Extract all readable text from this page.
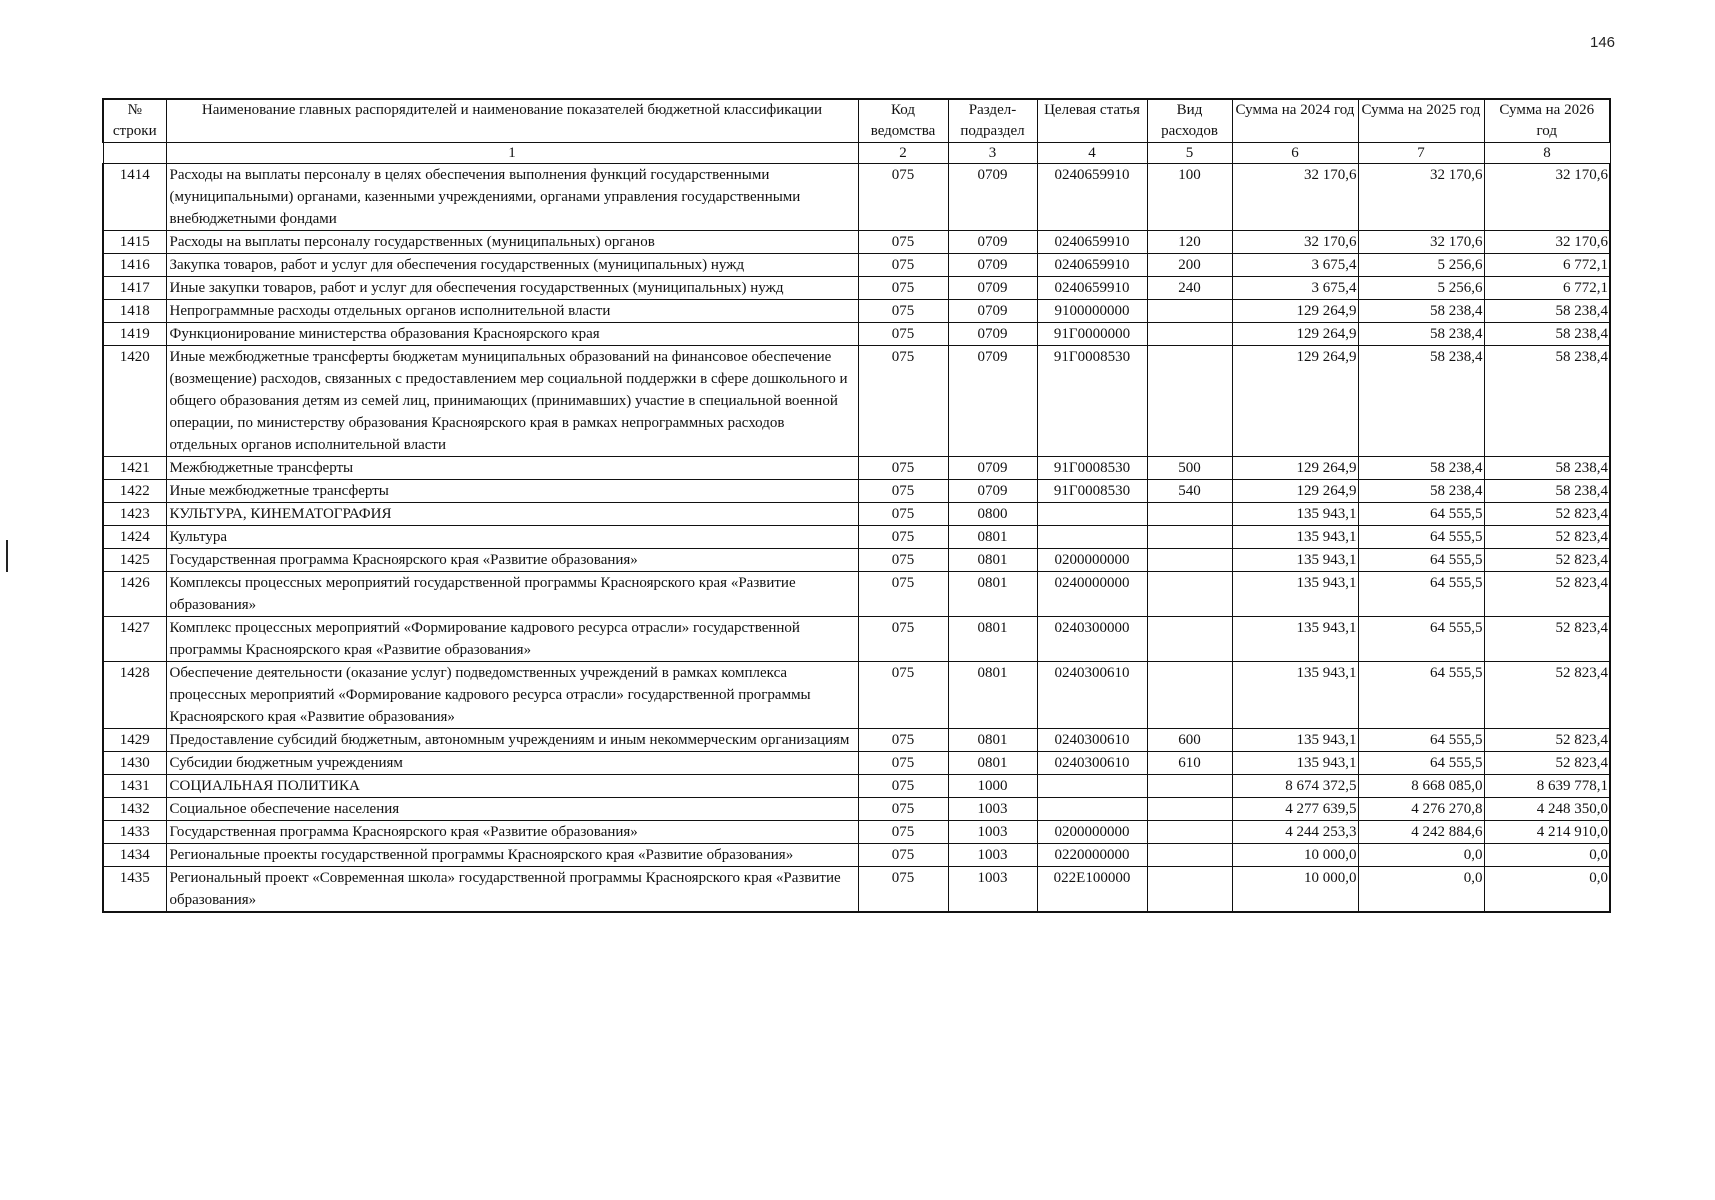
146
№ строки	Наименование главных распорядителей и наименование показателей бюджетной классификации	Код ведомства	Раздел-подраздел	Целевая статья	Вид расходов	Сумма на 2024 год	Сумма на 2025 год	Сумма на 2026 год
	1	2	3	4	5	6	7	8
1414	Расходы на выплаты персоналу в целях обеспечения выполнения функций государственными (муниципальными) органами, казенными учреждениями, органами управления государственными внебюджетными фондами	075	0709	0240659910	100	32 170,6	32 170,6	32 170,6
1415	Расходы на выплаты персоналу государственных (муниципальных) органов	075	0709	0240659910	120	32 170,6	32 170,6	32 170,6
1416	Закупка товаров, работ и услуг для обеспечения государственных (муниципальных) нужд	075	0709	0240659910	200	3 675,4	5 256,6	6 772,1
1417	Иные закупки товаров, работ и услуг для обеспечения государственных (муниципальных) нужд	075	0709	0240659910	240	3 675,4	5 256,6	6 772,1
1418	Непрограммные расходы отдельных органов исполнительной власти	075	0709	9100000000		129 264,9	58 238,4	58 238,4
1419	Функционирование министерства образования Красноярского края	075	0709	91Г0000000		129 264,9	58 238,4	58 238,4
1420	Иные межбюджетные трансферты бюджетам муниципальных образований на финансовое обеспечение (возмещение) расходов, связанных с предоставлением мер социальной поддержки в сфере дошкольного и общего образования детям из семей лиц, принимающих (принимавших) участие в специальной военной операции, по министерству образования Красноярского края в рамках непрограммных расходов отдельных органов исполнительной власти	075	0709	91Г0008530		129 264,9	58 238,4	58 238,4
1421	Межбюджетные трансферты	075	0709	91Г0008530	500	129 264,9	58 238,4	58 238,4
1422	Иные межбюджетные трансферты	075	0709	91Г0008530	540	129 264,9	58 238,4	58 238,4
1423	КУЛЬТУРА, КИНЕМАТОГРАФИЯ	075	0800			135 943,1	64 555,5	52 823,4
1424	Культура	075	0801			135 943,1	64 555,5	52 823,4
1425	Государственная программа Красноярского края «Развитие образования»	075	0801	0200000000		135 943,1	64 555,5	52 823,4
1426	Комплексы процессных мероприятий государственной программы Красноярского края «Развитие образования»	075	0801	0240000000		135 943,1	64 555,5	52 823,4
1427	Комплекс процессных мероприятий «Формирование кадрового ресурса отрасли» государственной программы Красноярского края «Развитие образования»	075	0801	0240300000		135 943,1	64 555,5	52 823,4
1428	Обеспечение деятельности (оказание услуг) подведомственных учреждений в рамках комплекса процессных мероприятий «Формирование кадрового ресурса отрасли» государственной программы Красноярского края «Развитие образования»	075	0801	0240300610		135 943,1	64 555,5	52 823,4
1429	Предоставление субсидий бюджетным, автономным учреждениям и иным некоммерческим организациям	075	0801	0240300610	600	135 943,1	64 555,5	52 823,4
1430	Субсидии бюджетным учреждениям	075	0801	0240300610	610	135 943,1	64 555,5	52 823,4
1431	СОЦИАЛЬНАЯ ПОЛИТИКА	075	1000			8 674 372,5	8 668 085,0	8 639 778,1
1432	Социальное обеспечение населения	075	1003			4 277 639,5	4 276 270,8	4 248 350,0
1433	Государственная программа Красноярского края «Развитие образования»	075	1003	0200000000		4 244 253,3	4 242 884,6	4 214 910,0
1434	Региональные проекты государственной программы Красноярского края «Развитие образования»	075	1003	0220000000		10 000,0	0,0	0,0
1435	Региональный проект «Современная школа» государственной программы Красноярского края «Развитие образования»	075	1003	022Е100000		10 000,0	0,0	0,0
